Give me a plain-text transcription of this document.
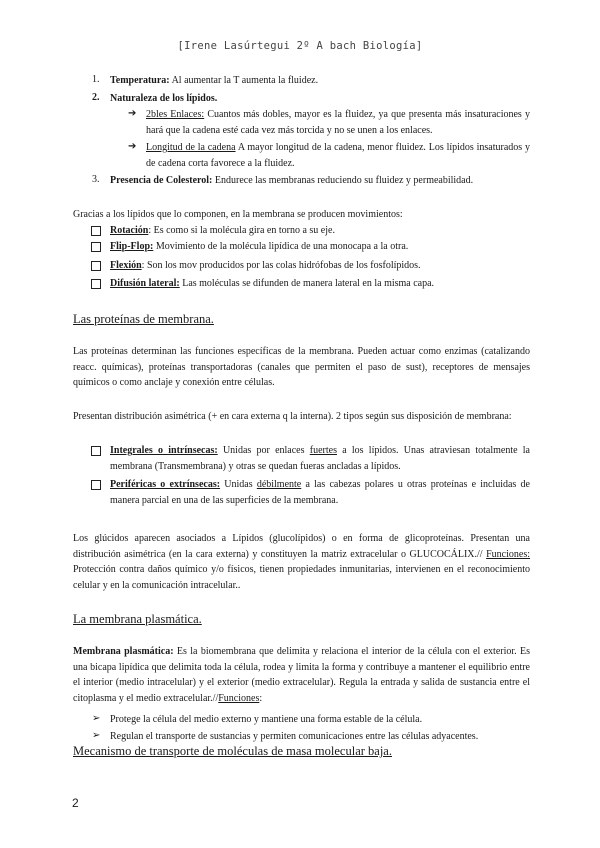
[Irene Lasúrtegui 2º A bach Biología]
1. Temperatura: Al aumentar la T aumenta la fluidez.

2. Naturaleza de los lípidos.

➔ 2bles Enlaces: Cuantos más dobles, mayor es la fluidez, ya que presenta más insaturaciones y hará que la cadena esté cada vez más torcida y no se unen a los enlaces.

➔ Longitud de la cadena A mayor longitud de la cadena, menor fluidez. Los lípidos insaturados y de cadena corta favorece a la fluidez.

3. Presencia de Colesterol: Endurece las membranas reduciendo su fluidez y permeabilidad.

Gracias a los lípidos que lo componen, en la membrana se producen movimientos:

Rotación: Es como si la molécula gira en torno a su eje.

Flip-Flop: Movimiento de la molécula lipídica de una monocapa a la otra.

Flexión: Son los mov producidos por las colas hidrófobas de los fosfolípidos.

Difusión lateral: Las moléculas se difunden de manera lateral en la misma capa.

Las proteínas de membrana.

Las proteínas determinan las funciones específicas de la membrana. Pueden actuar como enzimas (catalizando reacc. químicas), proteínas transportadoras (canales que permiten el paso de sust), receptores de mensajes químicos o como anclaje y conexión entre células.

Presentan distribución asimétrica (+ en cara externa q la interna). 2 tipos según sus disposición de membrana:

Integrales o intrínsecas: Unidas por enlaces fuertes a los lípidos. Unas atraviesan totalmente la membrana (Transmembrana) y otras se quedan fueras ancladas a lípidos.

Periféricas o extrínsecas: Unidas débilmente a las cabezas polares u otras proteínas e incluidas de manera parcial en una de las superficies de la membrana.

Los glúcidos aparecen asociados a Lípidos (glucolípidos) o en forma de glicoproteínas. Presentan una distribución asimétrica (en la cara externa) y constituyen la matriz extracelular o GLUCOCÁLIX.// Funciones: Protección contra daños químico y/o físicos, tienen propiedades inmunitarias, intervienen en el reconocimiento celular y en la comunicación intracelular..

La membrana plasmática.

Membrana plasmática: Es la biomembrana que delimita y relaciona el interior de la célula con el exterior. Es una bicapa lipídica que delimita toda la célula, rodea y limita la forma y contribuye a mantener el equilibrio entre el interior (medio intracelular) y el exterior (medio extracelular). Regula la entrada y salida de sustancia entre el citoplasma y el medio extracelular.//Funciones:

➢ Protege la célula del medio externo y mantiene una forma estable de la célula.

➢ Regulan el transporte de sustancias y permiten comunicaciones entre las células adyacentes.

Mecanismo de transporte de moléculas de masa molecular baja.
2
